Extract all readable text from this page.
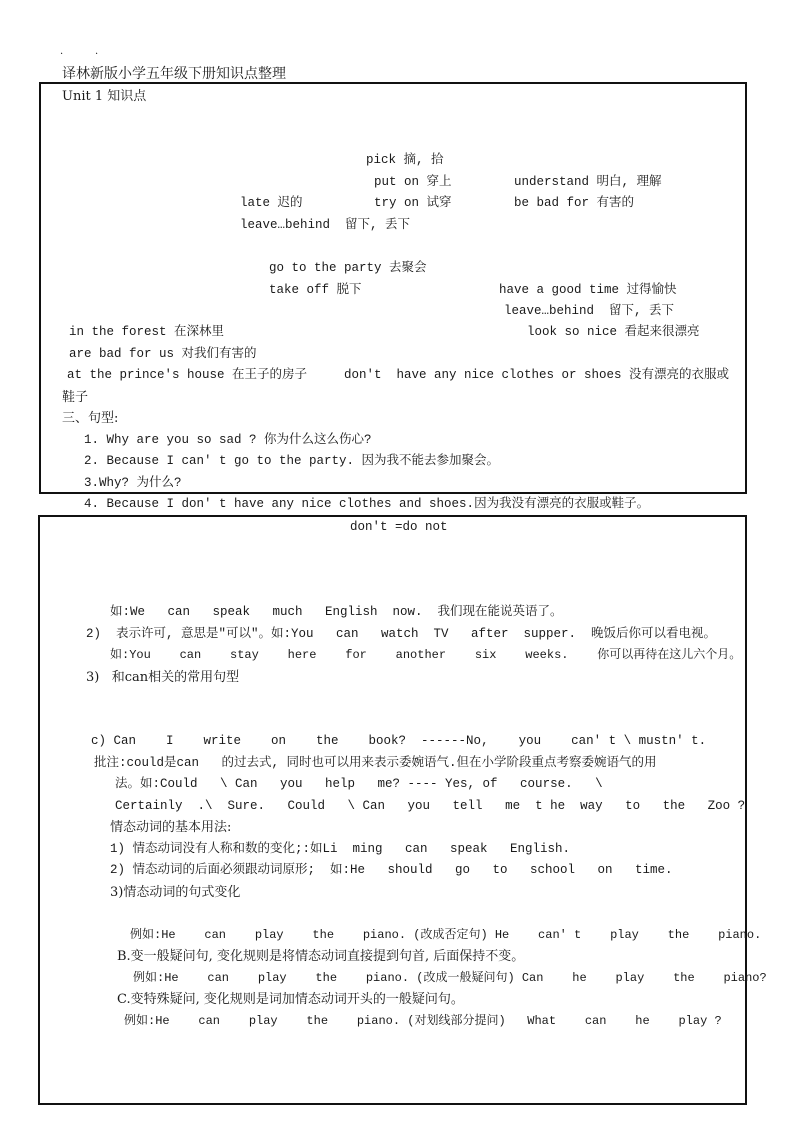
.          .
译林新版小学五年级下册知识点整理
Unit 1 知识点
pick 摘, 拾
put on 穿上	understand 明白, 理解
late 迟的	try on 试穿	be bad for 有害的
leave…behind  留下, 丢下
go to the party 去聚会
take off 脱下	have a good time 过得愉快
leave…behind  留下, 丢下
in the forest 在深林里	look so nice 看起来很漂亮
are bad for us 对我们有害的
at the prince's house 在王子的房子	don't  have any nice clothes or shoes 没有漂亮的衣服或
鞋子
三、句型:
1. Why are you so sad ? 你为什么这么伤心?
2. Because I can' t go to the party. 因为我不能去参加聚会。
3.Why? 为什么?
4. Because I don' t have any nice clothes and shoes.因为我没有漂亮的衣服或鞋子。
don't =do not
如:We   can   speak   much   English  now.  我们现在能说英语了。
2)  表示许可, 意思是"可以"。如:You   can   watch  TV   after  supper.  晚饭后你可以看电视。
如:You    can    stay    here    for    another    six    weeks.    你可以再待在这儿六个月。
3)   和can相关的常用句型
c) Can    I    write    on    the    book?  ------No,    you    can' t \ mustn' t.
批注:could是can   的过去式, 同时也可以用来表示委婉语气.但在小学阶段重点考察委婉语气的用
法。如:Could   \ Can   you   help   me? ---- Yes, of   course.   \
Certainly  .\  Sure.   Could   \ Can   you   tell   me  t he  way   to   the   Zoo ?
情态动词的基本用法:
1) 情态动词没有人称和数的变化;:如Li  ming   can   speak   English.
2) 情态动词的后面必须跟动词原形;  如:He   should   go   to   school   on   time.
3)情态动词的句式变化
例如:He    can    play    the    piano. (改成否定句) He    can' t    play    the    piano.
B.变一般疑问句, 变化规则是将情态动词直接提到句首, 后面保持不变。
例如:He    can    play    the    piano. (改成一般疑问句) Can    he    play    the    piano?
C.变特殊疑问, 变化规则是词加情态动词开头的一般疑问句。
例如:He    can    play    the    piano. (对划线部分提问)   What    can    he    play ?
